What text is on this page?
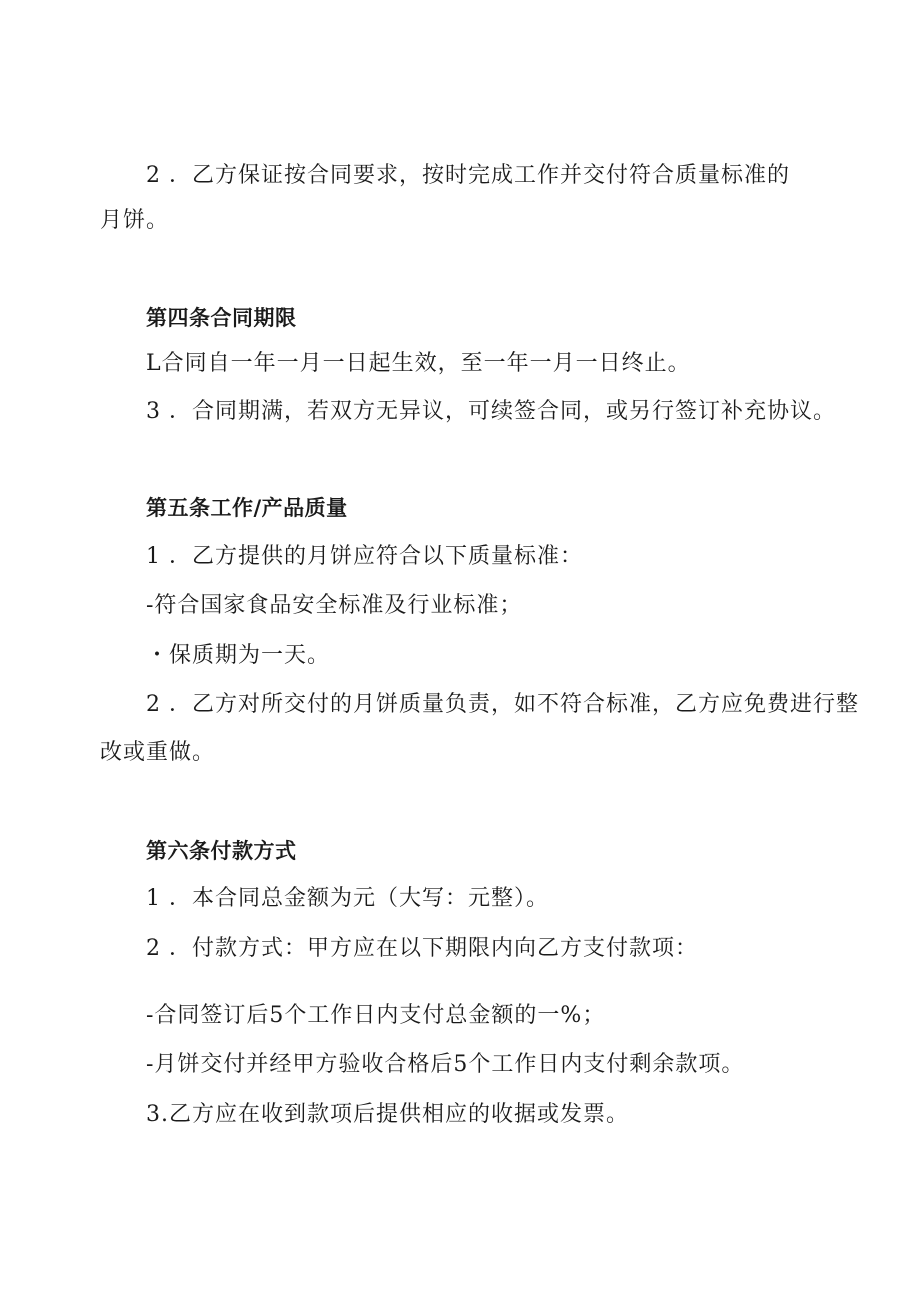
2 ．乙方保证按合同要求，按时完成工作并交付符合质量标准的
月饼。
第四条合同期限
L合同自一年一月一日起生效，至一年一月一日终止。
3 ．合同期满，若双方无异议，可续签合同，或另行签订补充协议。
第五条工作/产品质量
1 ．乙方提供的月饼应符合以下质量标准：
-符合国家食品安全标准及行业标准；
・保质期为一天。
2 ．乙方对所交付的月饼质量负责，如不符合标准，乙方应免费进行整
改或重做。
第六条付款方式
1 ．本合同总金额为元（大写：元整）。
2 ．付款方式：甲方应在以下期限内向乙方支付款项：
-合同签订后5个工作日内支付总金额的一%；
-月饼交付并经甲方验收合格后5个工作日内支付剩余款项。
3.乙方应在收到款项后提供相应的收据或发票。
